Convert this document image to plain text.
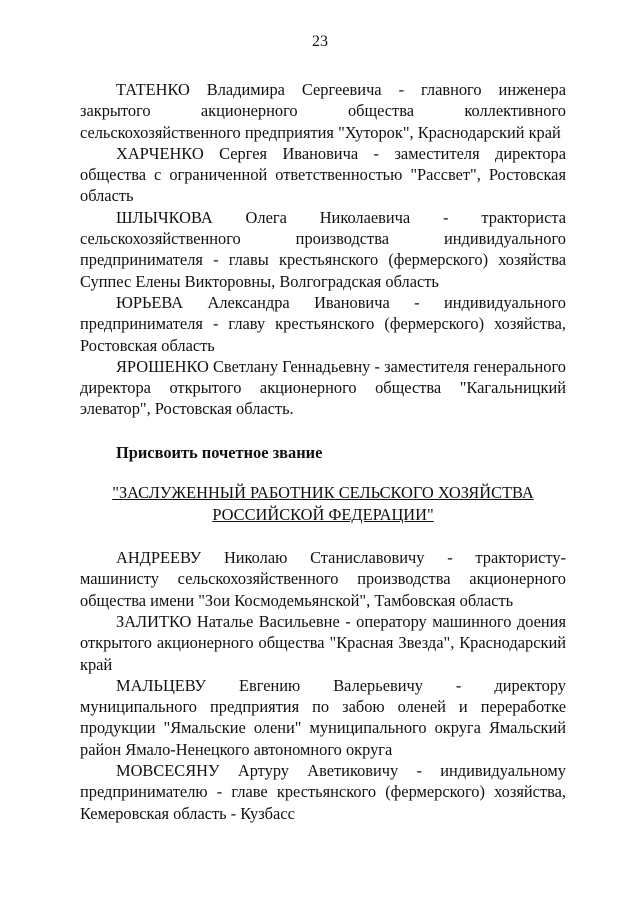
23

ТАТЕНКО Владимира Сергеевича - главного инженера закрытого акционерного общества коллективного сельскохозяйственного предприятия "Хуторок", Краснодарский край

ХАРЧЕНКО Сергея Ивановича - заместителя директора общества с ограниченной ответственностью "Рассвет", Ростовская область

ШЛЫЧКОВА Олега Николаевича - тракториста сельскохозяйственного производства индивидуального предпринимателя - главы крестьянского (фермерского) хозяйства Суппес Елены Викторовны, Волгоградская область

ЮРЬЕВА Александра Ивановича - индивидуального предпринимателя - главу крестьянского (фермерского) хозяйства, Ростовская область

ЯРОШЕНКО Светлану Геннадьевну - заместителя генерального директора открытого акционерного общества "Кагальницкий элеватор", Ростовская область.

Присвоить почетное звание

"ЗАСЛУЖЕННЫЙ РАБОТНИК СЕЛЬСКОГО ХОЗЯЙСТВА
РОССИЙСКОЙ ФЕДЕРАЦИИ"

АНДРЕЕВУ Николаю Станиславовичу - трактористу-машинисту сельскохозяйственного производства акционерного общества имени "Зои Космодемьянской", Тамбовская область

ЗАЛИТКО Наталье Васильевне - оператору машинного доения открытого акционерного общества "Красная Звезда", Краснодарский край

МАЛЬЦЕВУ Евгению Валерьевичу - директору муниципального предприятия по забою оленей и переработке продукции "Ямальские олени" муниципального округа Ямальский район Ямало-Ненецкого автономного округа

МОВСЕСЯНУ Артуру Аветиковичу - индивидуальному предпринимателю - главе крестьянского (фермерского) хозяйства, Кемеровская область - Кузбасс
